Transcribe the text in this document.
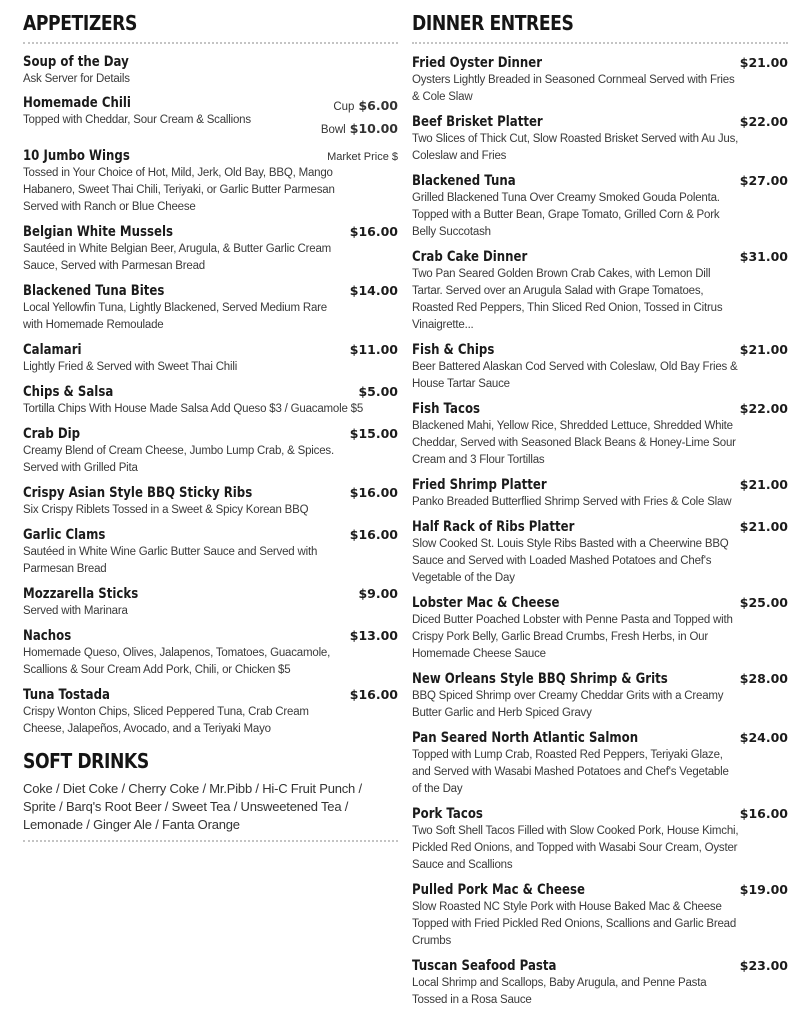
APPETIZERS
Soup of the Day
Ask Server for Details
Homemade Chili
Topped with Cheddar, Sour Cream & Scallions
Cup $6.00
Bowl $10.00
10 Jumbo Wings	Market Price $
Tossed in Your Choice of Hot, Mild, Jerk, Old Bay, BBQ, Mango Habanero, Sweet Thai Chili, Teriyaki, or Garlic Butter Parmesan Served with Ranch or Blue Cheese
Belgian White Mussels	$16.00
Sautéed in White Belgian Beer, Arugula, & Butter Garlic Cream Sauce, Served with Parmesan Bread
Blackened Tuna Bites	$14.00
Local Yellowfin Tuna, Lightly Blackened, Served Medium Rare with Homemade Remoulade
Calamari	$11.00
Lightly Fried & Served with Sweet Thai Chili
Chips & Salsa	$5.00
Tortilla Chips With House Made Salsa Add Queso $3 / Guacamole $5
Crab Dip	$15.00
Creamy Blend of Cream Cheese, Jumbo Lump Crab, & Spices. Served with Grilled Pita
Crispy Asian Style BBQ Sticky Ribs	$16.00
Six Crispy Riblets Tossed in a Sweet & Spicy Korean BBQ
Garlic Clams	$16.00
Sautéed in White Wine Garlic Butter Sauce and Served with Parmesan Bread
Mozzarella Sticks	$9.00
Served with Marinara
Nachos	$13.00
Homemade Queso, Olives, Jalapenos, Tomatoes, Guacamole, Scallions & Sour Cream Add Pork, Chili, or Chicken $5
Tuna Tostada	$16.00
Crispy Wonton Chips, Sliced Peppered Tuna, Crab Cream Cheese, Jalapeños, Avocado, and a Teriyaki Mayo
SOFT DRINKS
Coke / Diet Coke / Cherry Coke / Mr.Pibb / Hi-C Fruit Punch / Sprite / Barq's Root Beer / Sweet Tea / Unsweetened Tea / Lemonade / Ginger Ale / Fanta Orange
DINNER ENTREES
Fried Oyster Dinner	$21.00
Oysters Lightly Breaded in Seasoned Cornmeal Served with Fries & Cole Slaw
Beef Brisket Platter	$22.00
Two Slices of Thick Cut, Slow Roasted Brisket Served with Au Jus, Coleslaw and Fries
Blackened Tuna	$27.00
Grilled Blackened Tuna Over Creamy Smoked Gouda Polenta. Topped with a Butter Bean, Grape Tomato, Grilled Corn & Pork Belly Succotash
Crab Cake Dinner	$31.00
Two Pan Seared Golden Brown Crab Cakes, with Lemon Dill Tartar. Served over an Arugula Salad with Grape Tomatoes, Roasted Red Peppers, Thin Sliced Red Onion, Tossed in Citrus Vinaigrette...
Fish & Chips	$21.00
Beer Battered Alaskan Cod Served with Coleslaw, Old Bay Fries & House Tartar Sauce
Fish Tacos	$22.00
Blackened Mahi, Yellow Rice, Shredded Lettuce, Shredded White Cheddar, Served with Seasoned Black Beans & Honey-Lime Sour Cream and 3 Flour Tortillas
Fried Shrimp Platter	$21.00
Panko Breaded Butterflied Shrimp Served with Fries & Cole Slaw
Half Rack of Ribs Platter	$21.00
Slow Cooked St. Louis Style Ribs Basted with a Cheerwine BBQ Sauce and Served with Loaded Mashed Potatoes and Chef's Vegetable of the Day
Lobster Mac & Cheese	$25.00
Diced Butter Poached Lobster with Penne Pasta and Topped with Crispy Pork Belly, Garlic Bread Crumbs, Fresh Herbs, in Our Homemade Cheese Sauce
New Orleans Style BBQ Shrimp & Grits	$28.00
BBQ Spiced Shrimp over Creamy Cheddar Grits with a Creamy Butter Garlic and Herb Spiced Gravy
Pan Seared North Atlantic Salmon	$24.00
Topped with Lump Crab, Roasted Red Peppers, Teriyaki Glaze, and Served with Wasabi Mashed Potatoes and Chef's Vegetable of the Day
Pork Tacos	$16.00
Two Soft Shell Tacos Filled with Slow Cooked Pork, House Kimchi, Pickled Red Onions, and Topped with Wasabi Sour Cream, Oyster Sauce and Scallions
Pulled Pork Mac & Cheese	$19.00
Slow Roasted NC Style Pork with House Baked Mac & Cheese Topped with Fried Pickled Red Onions, Scallions and Garlic Bread Crumbs
Tuscan Seafood Pasta	$23.00
Local Shrimp and Scallops, Baby Arugula, and Penne Pasta Tossed in a Rosa Sauce
